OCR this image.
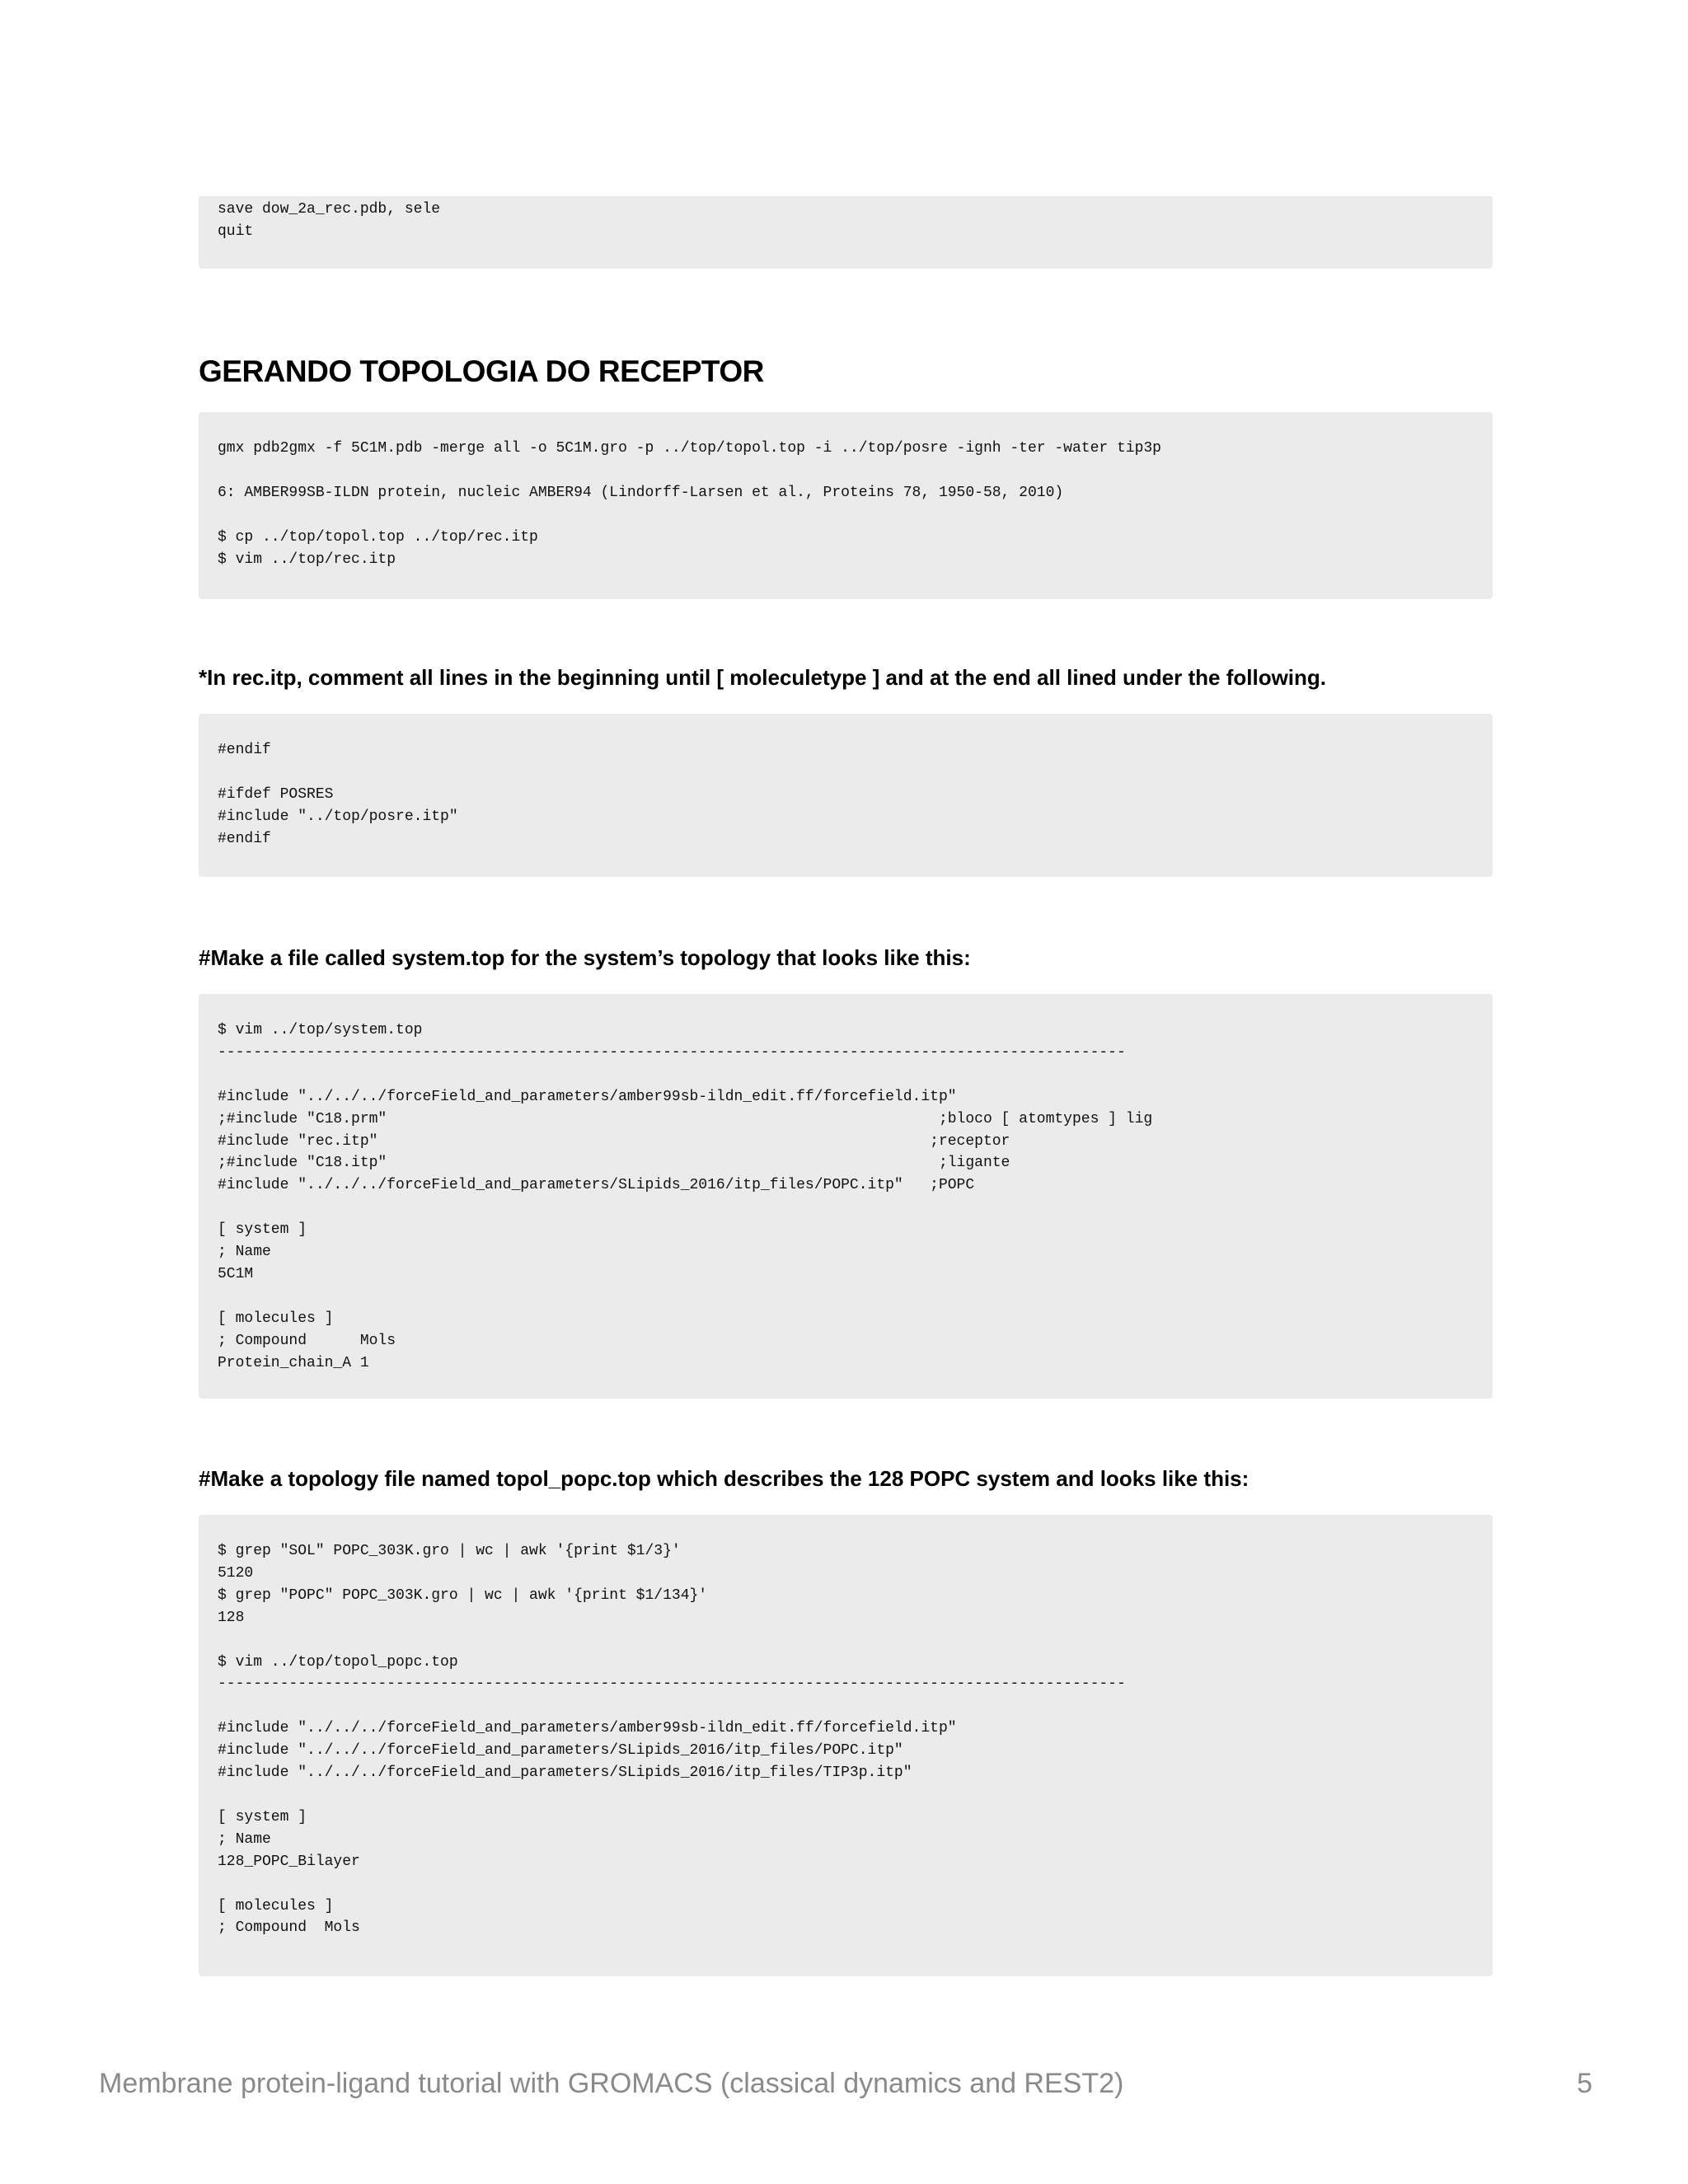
save dow_2a_rec.pdb, sele
quit
GERANDO TOPOLOGIA DO RECEPTOR
gmx pdb2gmx -f 5C1M.pdb -merge all -o 5C1M.gro -p ../top/topol.top -i ../top/posre -ignh -ter -water tip3p

6: AMBER99SB-ILDN protein, nucleic AMBER94 (Lindorff-Larsen et al., Proteins 78, 1950-58, 2010)

$ cp ../top/topol.top ../top/rec.itp
$ vim ../top/rec.itp

*In rec.itp, comment all lines in the beginning until [ moleculetype ] and at the end all lined under the following.

#endif

#ifdef POSRES
#include "../top/posre.itp"
#endif

#Make a file called system.top for the system’s topology that looks like this:

$ vim ../top/system.top
------------------------------------------------------------------------------------------------------

#include "../../../forceField_and_parameters/amber99sb-ildn_edit.ff/forcefield.itp"
;#include "C18.prm"                                                              ;bloco [ atomtypes ] lig
#include "rec.itp"                                                              ;receptor
;#include "C18.itp"                                                              ;ligante
#include "../../../forceField_and_parameters/SLipids_2016/itp_files/POPC.itp"   ;POPC

[ system ]
; Name
5C1M

[ molecules ]
; Compound      Mols
Protein_chain_A 1

#Make a topology file named topol_popc.top which describes the 128 POPC system and looks like this:

$ grep "SOL" POPC_303K.gro | wc | awk '{print $1/3}'
5120
$ grep "POPC" POPC_303K.gro | wc | awk '{print $1/134}'
128

$ vim ../top/topol_popc.top
------------------------------------------------------------------------------------------------------

#include "../../../forceField_and_parameters/amber99sb-ildn_edit.ff/forcefield.itp"
#include "../../../forceField_and_parameters/SLipids_2016/itp_files/POPC.itp"
#include "../../../forceField_and_parameters/SLipids_2016/itp_files/TIP3p.itp"

[ system ]
; Name
128_POPC_Bilayer

[ molecules ]
; Compound  Mols
Membrane protein-ligand tutorial with GROMACS (classical dynamics and REST2)	5
